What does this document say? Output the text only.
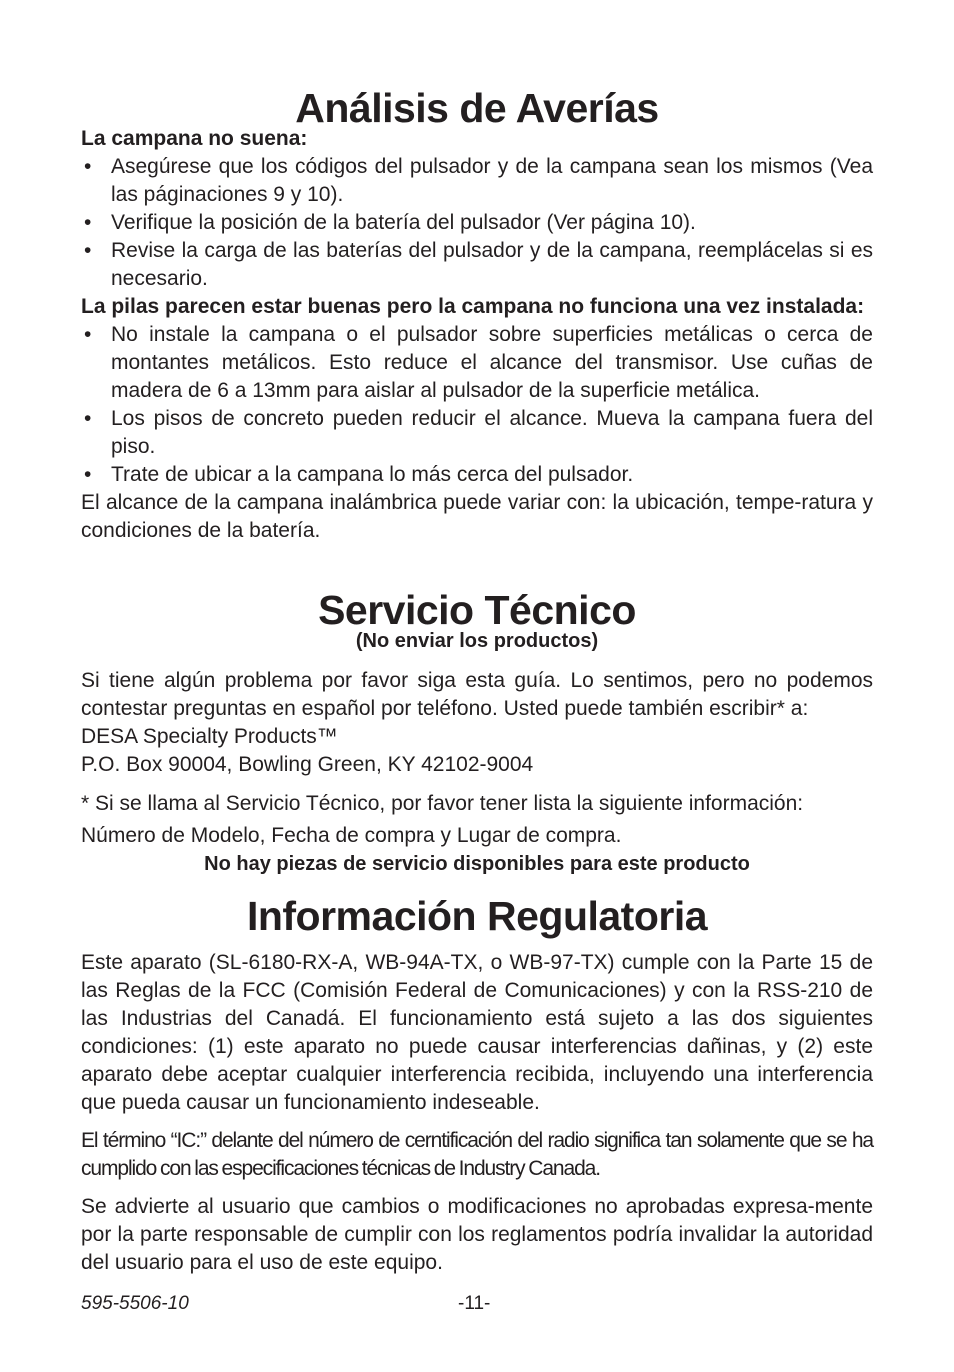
Análisis de Averías

La campana no suena:

• Asegúrese que los códigos del pulsador y de la campana sean los mismos (Vea las páginaciones 9 y 10).
• Verifique la posición de la batería del pulsador (Ver página 10).
• Revise la carga de las baterías del pulsador y de la campana, reemplácelas si es necesario.

La pilas parecen estar buenas pero la campana no funciona una vez instalada:

• No instale la campana o el pulsador sobre superficies metálicas o cerca de montantes metálicos. Esto reduce el alcance del transmisor. Use cuñas de madera de 6 a 13mm para aislar al pulsador de la superficie metálica.
• Los pisos de concreto pueden reducir el alcance. Mueva la campana fuera del piso.
• Trate de ubicar a la campana lo más cerca del pulsador.

El alcance de la campana inalámbrica puede variar con: la ubicación, tempe-ratura y condiciones de la batería.

Servicio Técnico

(No enviar los productos)

Si tiene algún problema por favor siga esta guía. Lo sentimos, pero no podemos contestar preguntas en español por teléfono. Usted puede también escribir* a:

DESA Specialty Products™

P.O. Box 90004, Bowling Green, KY 42102-9004

* Si se llama al Servicio Técnico, por favor tener lista la siguiente información:

Número de Modelo, Fecha de compra y Lugar de compra.

No hay piezas de servicio disponibles para este producto

Información Regulatoria

Este aparato (SL-6180-RX-A, WB-94A-TX, o WB-97-TX) cumple con la Parte 15 de las Reglas de la FCC (Comisión Federal de Comunicaciones) y con la RSS-210 de las Industrias del Canadá. El funcionamiento está sujeto a las dos siguientes condiciones: (1) este aparato no puede causar interferencias dañinas, y (2) este aparato debe aceptar cualquier interferencia recibida, incluyendo una interferencia que pueda causar un funcionamiento indeseable.

El término “IC:” delante del número de cerntificación del radio significa tan solamente que se ha cumplido con las especificaciones técnicas de Industry Canada.

Se advierte al usuario que cambios o modificaciones no aprobadas expresa-mente por la parte responsable de cumplir con los reglamentos podría invalidar la autoridad del usuario para el uso de este equipo.

595-5506-10	-11-
